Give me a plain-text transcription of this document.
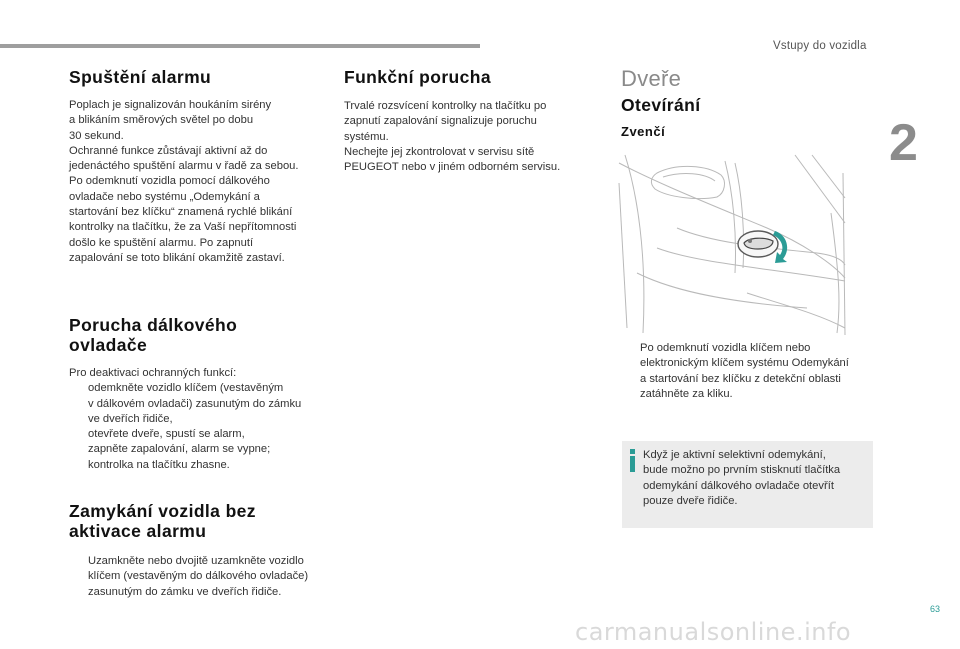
Vstupy do vozidla
2
Spuštění alarmu
Poplach je signalizován houkáním sirény
a blikáním směrových světel po dobu
30 sekund.
Ochranné funkce zůstávají aktivní až do
jedenáctého spuštění alarmu v řadě za sebou.
Po odemknutí vozidla pomocí dálkového
ovladače nebo systému „Odemykání a
startování bez klíčku“ znamená rychlé blikání
kontrolky na tlačítku, že za Vaší nepřítomnosti
došlo ke spuštění alarmu. Po zapnutí
zapalování se toto blikání okamžitě zastaví.
Porucha dálkového
ovladače
Pro deaktivaci ochranných funkcí:
odemkněte vozidlo klíčem (vestavěným
v dálkovém ovladači) zasunutým do zámku
ve dveřích řidiče,
otevřete dveře, spustí se alarm,
zapněte zapalování, alarm se vypne;
kontrolka na tlačítku zhasne.
Zamykání vozidla bez
aktivace alarmu
Uzamkněte nebo dvojitě uzamkněte vozidlo
klíčem (vestavěným do dálkového ovladače)
zasunutým do zámku ve dveřích řidiče.
Funkční porucha
Trvalé rozsvícení kontrolky na tlačítku po
zapnutí zapalování signalizuje poruchu
systému.
Nechejte jej zkontrolovat v servisu sítě
PEUGEOT nebo v jiném odborném servisu.
Dveře
Otevírání
Zvenčí
Po odemknutí vozidla klíčem nebo
elektronickým klíčem systému Odemykání
a startování bez klíčku z detekční oblasti
zatáhněte za kliku.
Když je aktivní selektivní odemykání,
bude možno po prvním stisknutí tlačítka
odemykání dálkového ovladače otevřít
pouze dveře řidiče.
63
carmanualsonline.info
